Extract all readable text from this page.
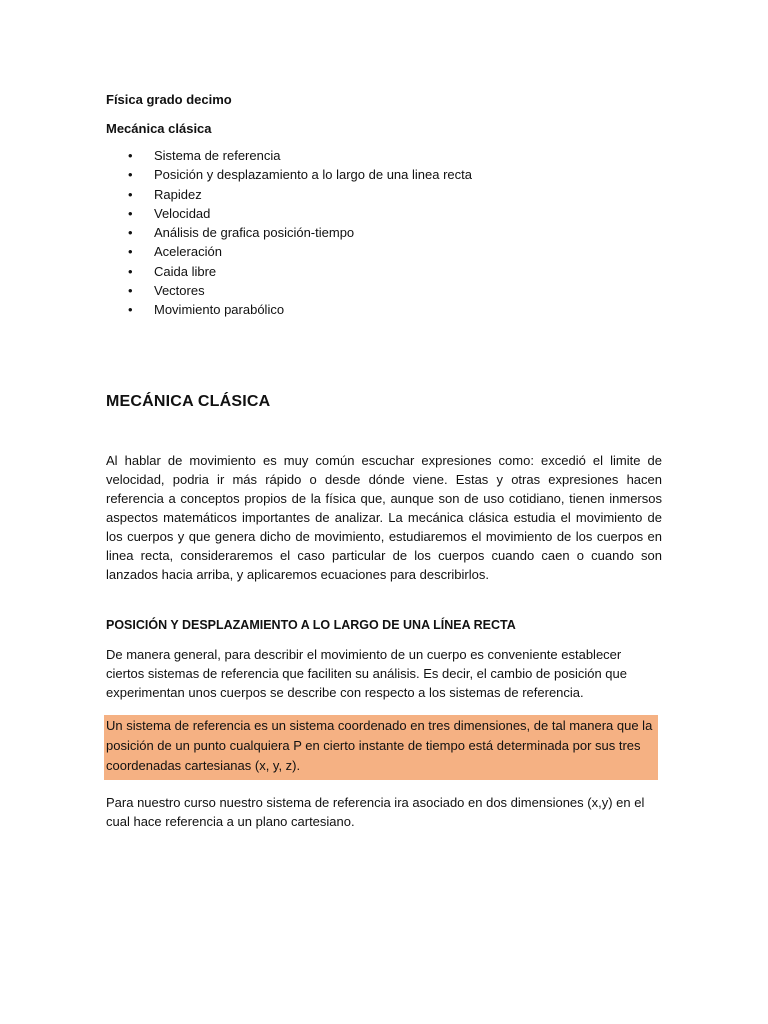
Física grado decimo
Mecánica clásica
•	Sistema de referencia
•	Posición y desplazamiento a lo largo de una linea recta
•	Rapidez
•	Velocidad
•	Análisis de grafica posición-tiempo
•	Aceleración
•	Caida libre
•	Vectores
•	Movimiento parabólico
MECÁNICA CLÁSICA

Al hablar de movimiento es muy común escuchar expresiones como: excedió el limite de velocidad, podria ir más rápido o desde dónde viene. Estas y otras expresiones hacen referencia a conceptos propios de la física que, aunque son de uso cotidiano, tienen inmersos aspectos matemáticos importantes de analizar. La mecánica clásica estudia el movimiento de los cuerpos y que genera dicho de movimiento, estudiaremos el movimiento de los cuerpos en linea recta, consideraremos el caso particular de los cuerpos cuando caen o cuando son lanzados hacia arriba, y aplicaremos ecuaciones para describirlos.

POSICIÓN Y DESPLAZAMIENTO A LO LARGO DE UNA LÍNEA RECTA

De manera general, para describir el movimiento de un cuerpo es conveniente establecer ciertos sistemas de referencia que faciliten su análisis. Es decir, el cambio de posición que experimentan unos cuerpos se describe con respecto a los sistemas de referencia.

Un sistema de referencia es un sistema coordenado en tres dimensiones, de tal manera que la posición de un punto cualquiera P en cierto instante de tiempo está determinada por sus tres coordenadas cartesianas (x, y, z).

Para nuestro curso nuestro sistema de referencia ira asociado en dos dimensiones (x,y) en el cual hace referencia a un plano cartesiano.
